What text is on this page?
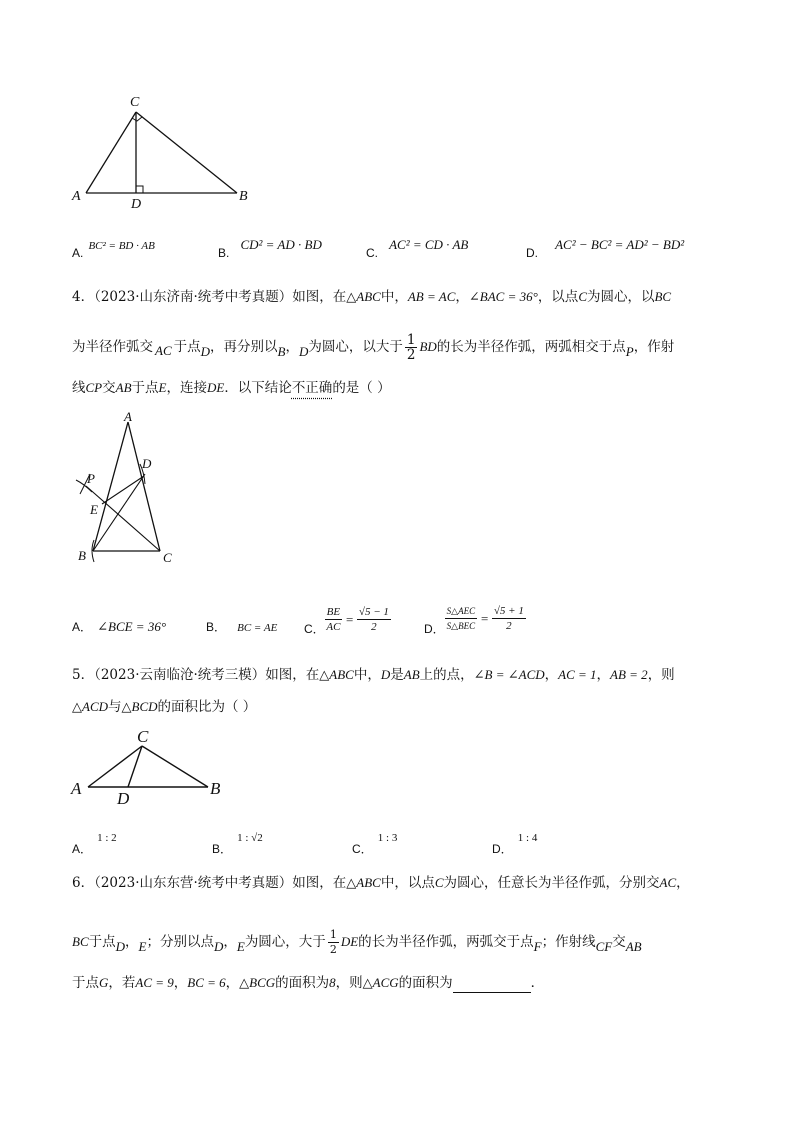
C
A
D
B
A. $^{BC^2 = BD \cdot AB}$	B. $^{CD^2 = AD \cdot BD}$
C. $^{AC^2 = CD \cdot AB}$
D. $^{AC^2 - BC^2 = AD^2 - BD^2}$
4．（2023·山东济南·统考中考真题）如图，在△ABC中，AB = AC，∠BAC = 36°，以点C为圆心，以BC
为半径作弧交 AC 于点D，再分别以B，D为圆心，以大于 $\frac{1}{2}$ BD的长为半径作弧，两弧相交于点P，作射
线CP交AB于点E，连接DE．以下结论不正确的是（ ）
A
D
P
E
B	C
A． ∠BCE = 36°	B． BC = AE C． $\frac{BE}{AC} = \frac{√5 - 1}{2}$	D． $\frac{\text{S△AEC}}{\text{S△BEC}} = \frac{√5 + 1}{2}$
5．（2023·云南临沧·统考三模）如图，在△ABC中，D是AB上的点，∠B = ∠ACD，AC = 1，AB = 2，则
△ACD与△BCD的面积比为（ ）
C
A
D
B
$_{A.}$ 1 : 2
$_{B.}$ 1 : √2
$_{C.}$ 1 : 3
$_{D.}$ 1 : 4
6．（2023·山东东营·统考中考真题）如图，在△ABC中，以点C为圆心，任意长为半径作弧，分别交AC，
BC于点D，E；分别以点D，E为圆心，大于 $\frac{1}{2}$ DE的长为半径作弧，两弧交于点F；作射线CF交AB
于点G，若AC = 9，BC = 6，△BCG的面积为8，则△ACG的面积为	．
